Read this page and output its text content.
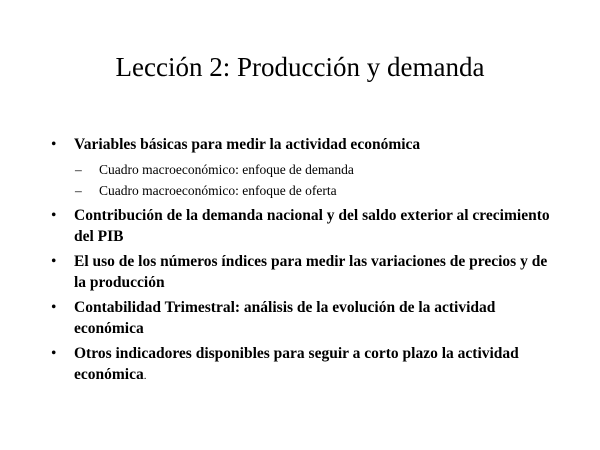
Lección 2: Producción y demanda
• Variables básicas para medir la actividad económica
– Cuadro macroeconómico: enfoque de demanda
– Cuadro macroeconómico: enfoque de oferta
• Contribución de la demanda nacional y del saldo exterior al crecimiento del PIB
• El uso de los números índices para medir las variaciones de precios y de la producción
• Contabilidad Trimestral: análisis de la evolución de la actividad económica
• Otros indicadores disponibles para seguir a corto plazo la actividad económica.
